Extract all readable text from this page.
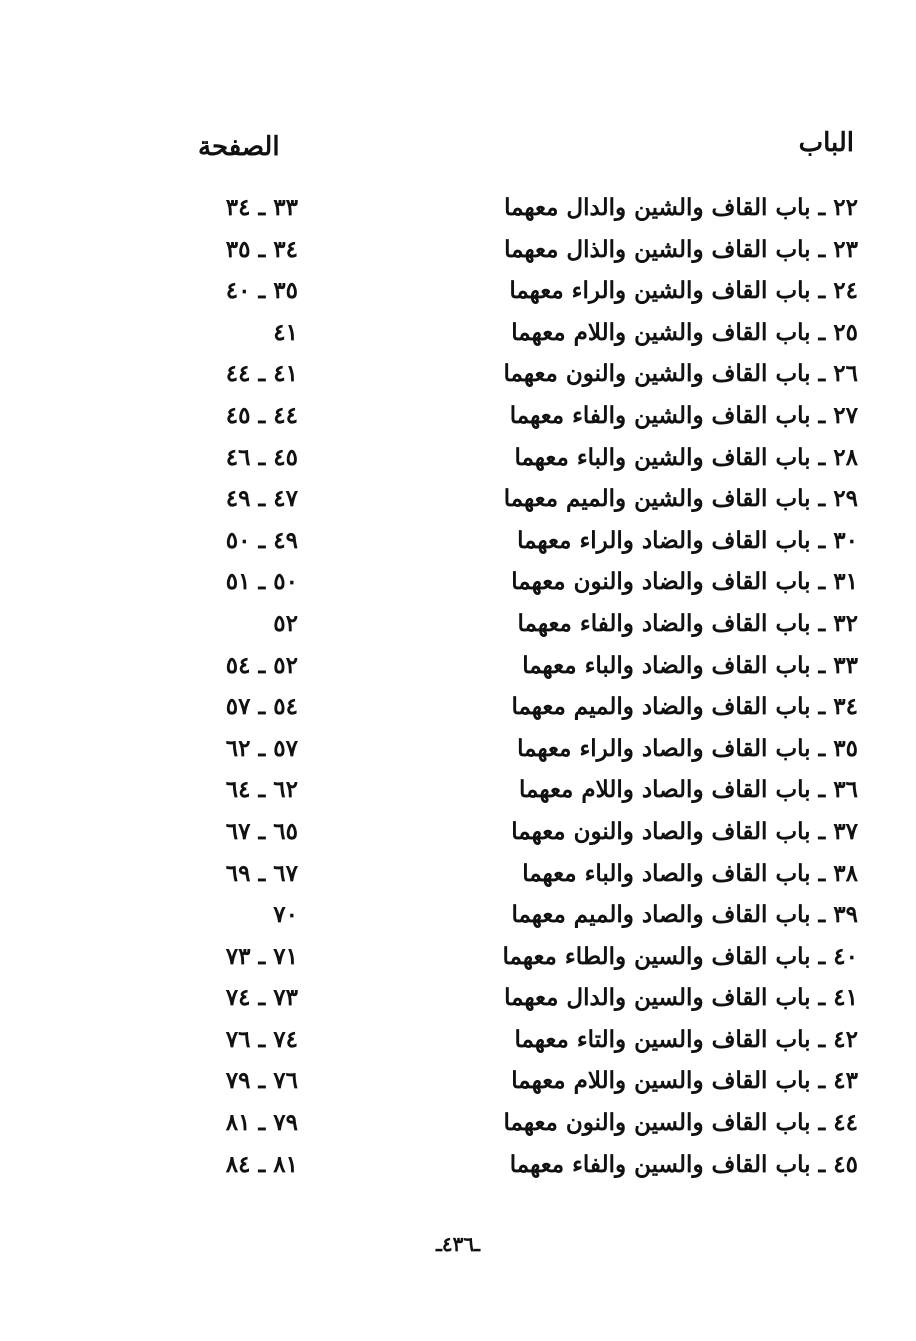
الباب
الصفحة
٢٢ ـ باب القاف والشين والدال معهما
٣٣ ـ ٣٤
٢٣ ـ باب القاف والشين والذال معهما
٣٤ ـ ٣٥
٢٤ ـ باب القاف والشين والراء معهما
٣٥ ـ ٤٠
٢٥ ـ باب القاف والشين واللام معهما
٤١
٢٦ ـ باب القاف والشين والنون معهما
٤١ ـ ٤٤
٢٧ ـ باب القاف والشين والفاء معهما
٤٤ ـ ٤٥
٢٨ ـ باب القاف والشين والباء معهما
٤٥ ـ ٤٦
٢٩ ـ باب القاف والشين والميم معهما
٤٧ ـ ٤٩
٣٠ ـ باب القاف والضاد والراء معهما
٤٩ ـ ٥٠
٣١ ـ باب القاف والضاد والنون معهما
٥٠ ـ ٥١
٣٢ ـ باب القاف والضاد والفاء معهما
٥٢
٣٣ ـ باب القاف والضاد والباء معهما
٥٢ ـ ٥٤
٣٤ ـ باب القاف والضاد والميم معهما
٥٤ ـ ٥٧
٣٥ ـ باب القاف والصاد والراء معهما
٥٧ ـ ٦٢
٣٦ ـ باب القاف والصاد واللام معهما
٦٢ ـ ٦٤
٣٧ ـ باب القاف والصاد والنون معهما
٦٥ ـ ٦٧
٣٨ ـ باب القاف والصاد والباء معهما
٦٧ ـ ٦٩
٣٩ ـ باب القاف والصاد والميم معهما
٧٠
٤٠ ـ باب القاف والسين والطاء معهما
٧١ ـ ٧٣
٤١ ـ باب القاف والسين والدال معهما
٧٣ ـ ٧٤
٤٢ ـ باب القاف والسين والتاء معهما
٧٤ ـ ٧٦
٤٣ ـ باب القاف والسين واللام معهما
٧٦ ـ ٧٩
٤٤ ـ باب القاف والسين والنون معهما
٧٩ ـ ٨١
٤٥ ـ باب القاف والسين والفاء معهما
٨١ ـ ٨٤
ـ٤٣٦ـ
